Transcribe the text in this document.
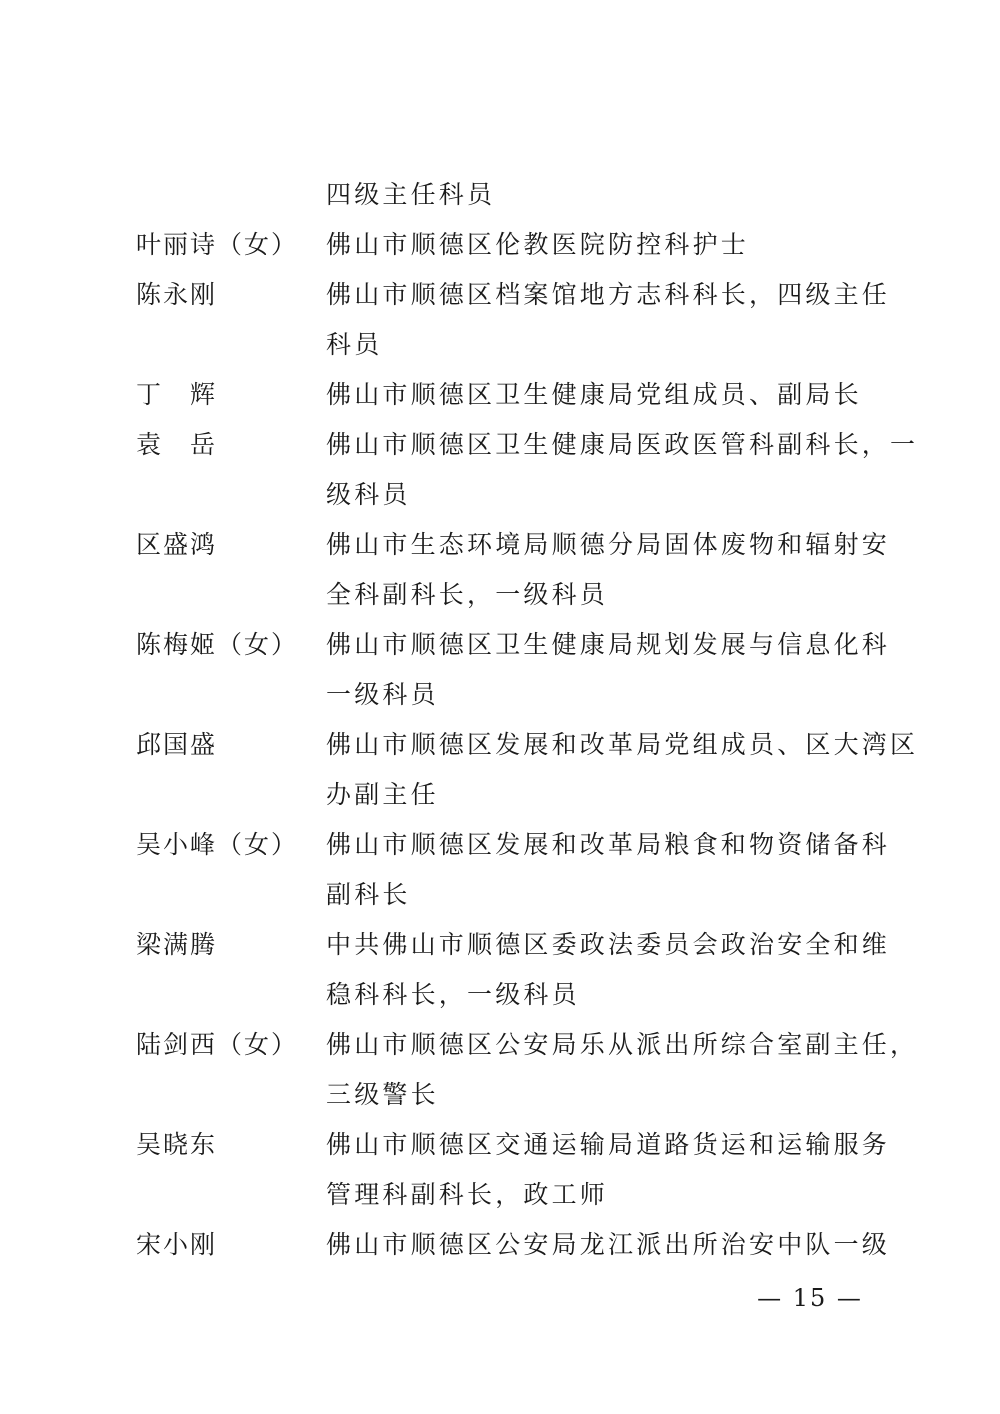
四级主任科员
叶丽诗（女）	佛山市顺德区伦教医院防控科护士
陈永刚	佛山市顺德区档案馆地方志科科长，四级主任
科员
丁　辉	佛山市顺德区卫生健康局党组成员、副局长
袁　岳	佛山市顺德区卫生健康局医政医管科副科长，一
级科员
区盛鸿	佛山市生态环境局顺德分局固体废物和辐射安
全科副科长，一级科员
陈梅姬（女）	佛山市顺德区卫生健康局规划发展与信息化科
一级科员
邱国盛	佛山市顺德区发展和改革局党组成员、区大湾区
办副主任
吴小峰（女）	佛山市顺德区发展和改革局粮食和物资储备科
副科长
梁满腾	中共佛山市顺德区委政法委员会政治安全和维
稳科科长，一级科员
陆剑西（女）	佛山市顺德区公安局乐从派出所综合室副主任，
三级警长
吴晓东	佛山市顺德区交通运输局道路货运和运输服务
管理科副科长，政工师
宋小刚	佛山市顺德区公安局龙江派出所治安中队一级
— 15 —
